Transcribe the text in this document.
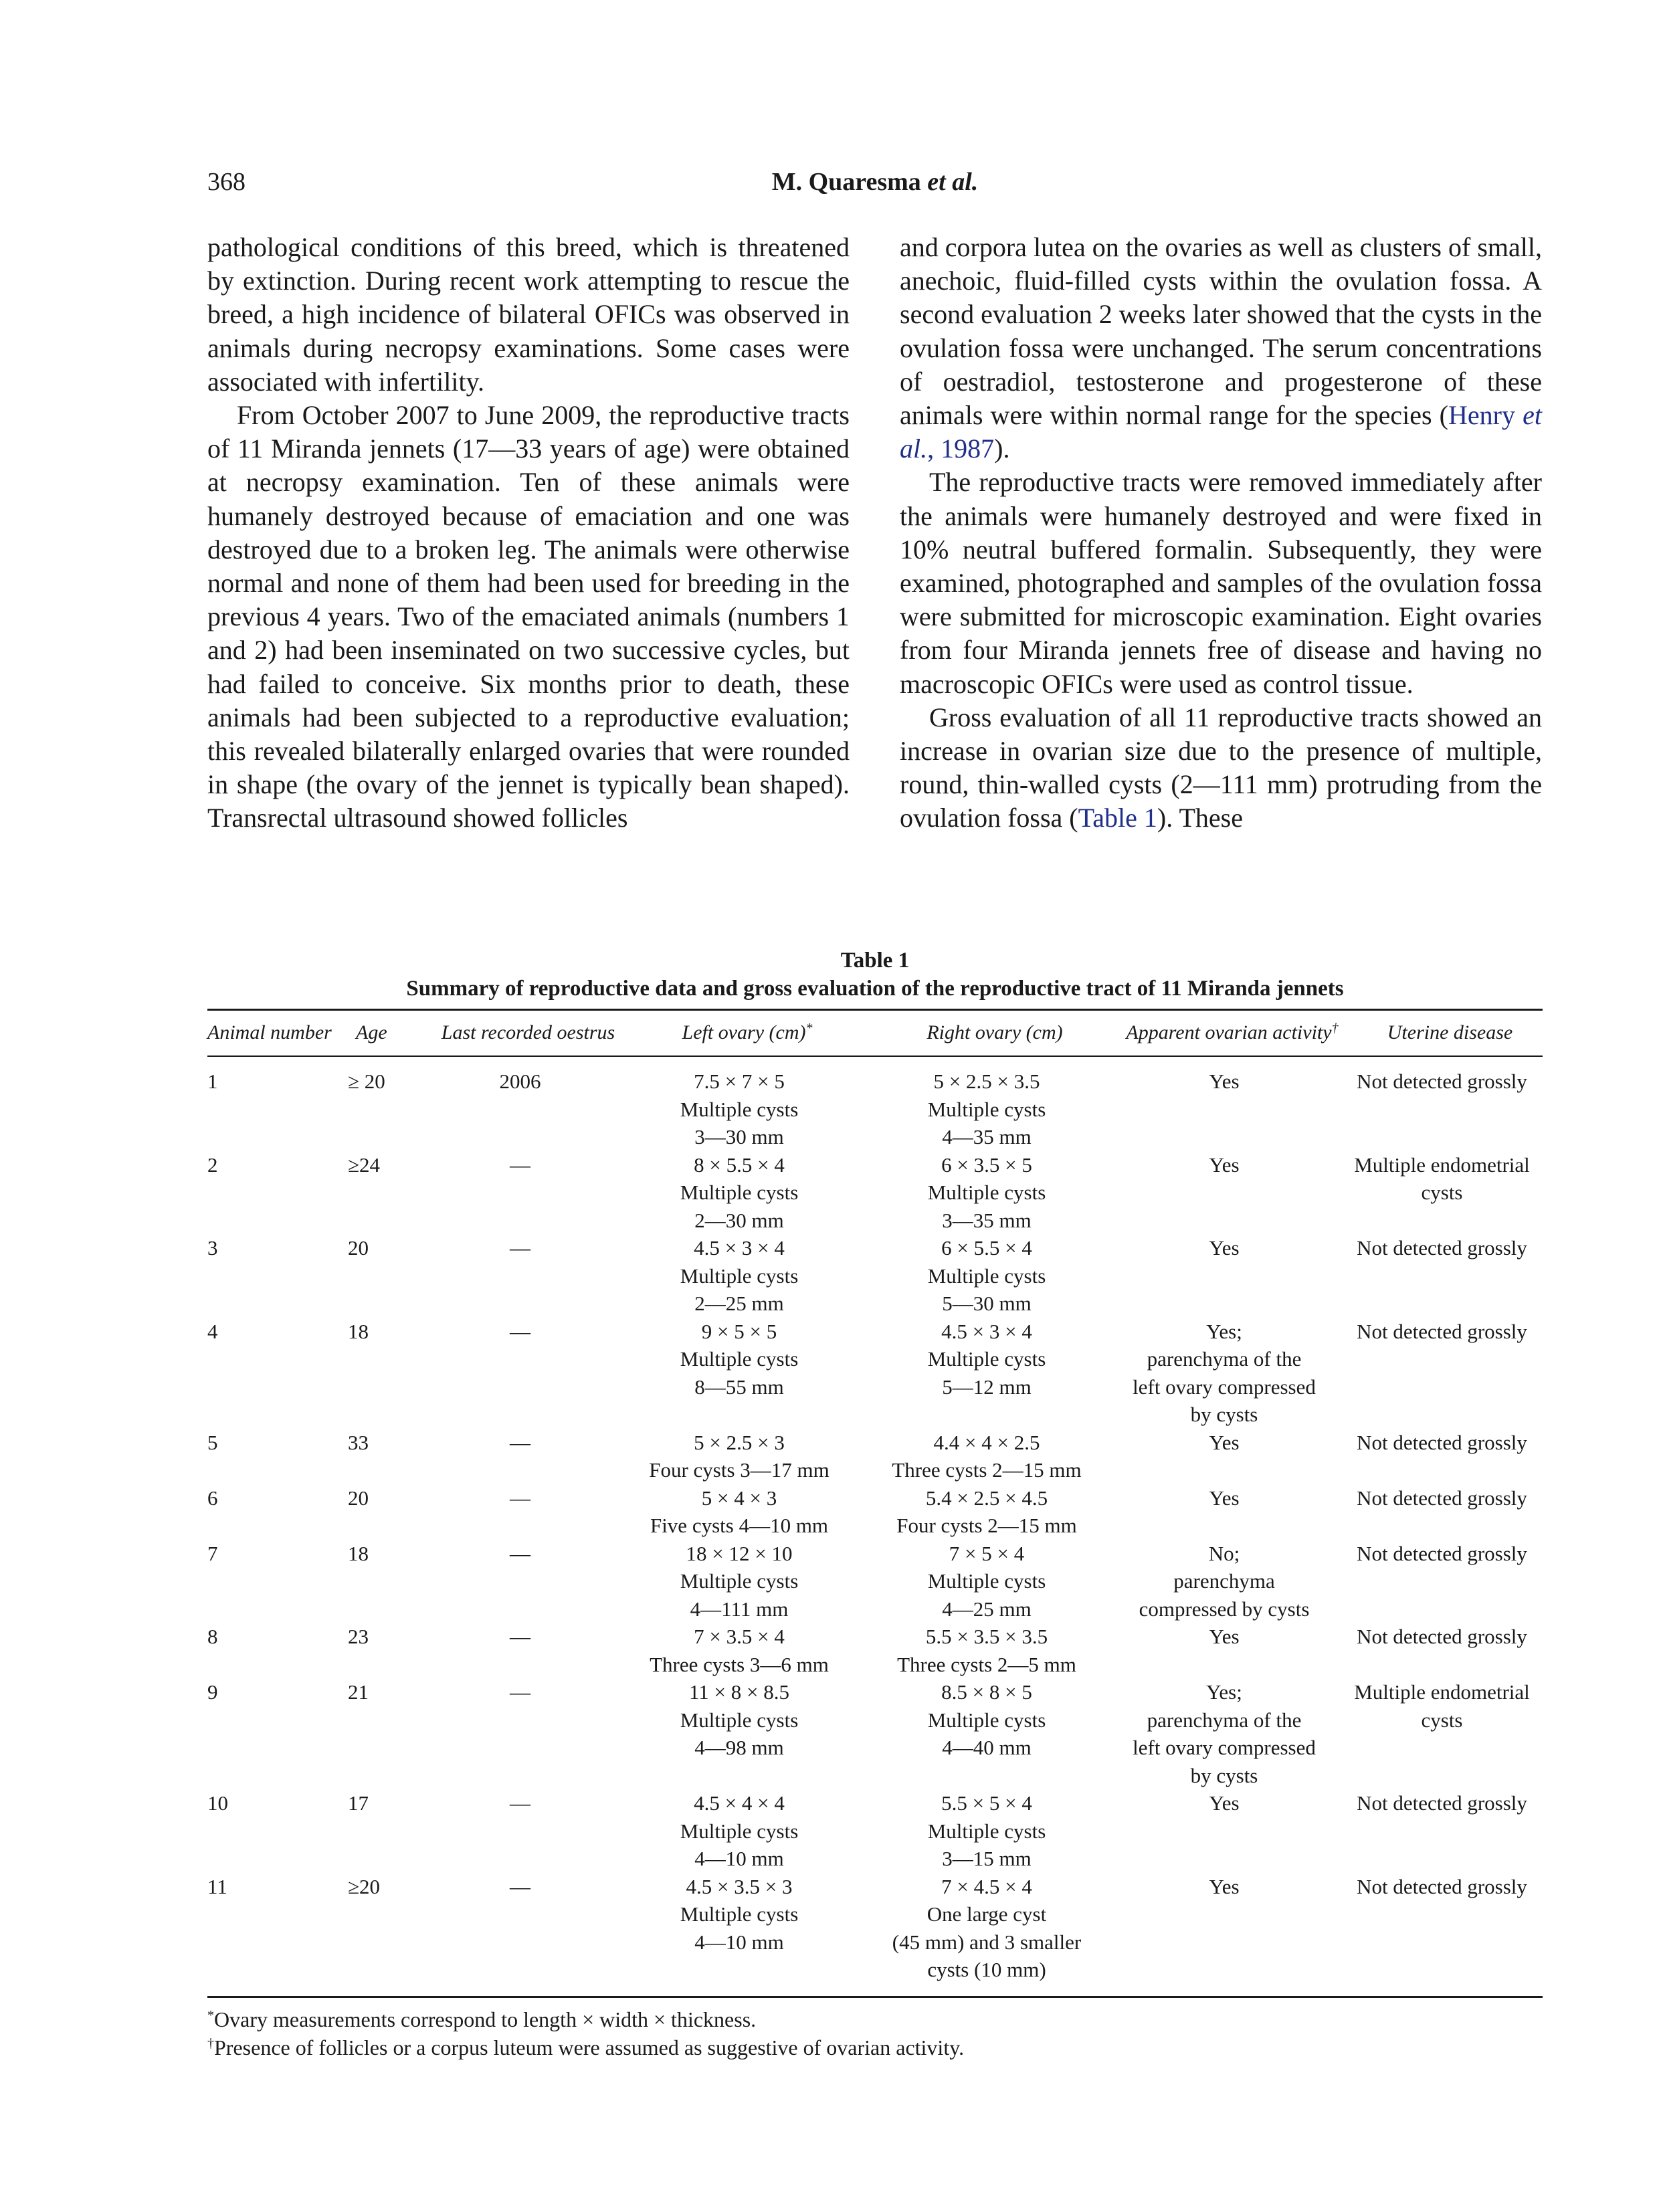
368	M. Quaresma et al.

pathological conditions of this breed, which is threatened by extinction. During recent work attempting to rescue the breed, a high incidence of bilateral OFICs was observed in animals during necropsy examinations. Some cases were associated with infertility.

From October 2007 to June 2009, the reproductive tracts of 11 Miranda jennets (17—33 years of age) were obtained at necropsy examination. Ten of these animals were humanely destroyed because of emaciation and one was destroyed due to a broken leg. The animals were otherwise normal and none of them had been used for breeding in the previous 4 years. Two of the emaciated animals (numbers 1 and 2) had been inseminated on two successive cycles, but had failed to conceive. Six months prior to death, these animals had been subjected to a reproductive evaluation; this revealed bilaterally enlarged ovaries that were rounded in shape (the ovary of the jennet is typically bean shaped). Transrectal ultrasound showed follicles

and corpora lutea on the ovaries as well as clusters of small, anechoic, fluid-filled cysts within the ovulation fossa. A second evaluation 2 weeks later showed that the cysts in the ovulation fossa were unchanged. The serum concentrations of oestradiol, testosterone and progesterone of these animals were within normal range for the species (Henry et al., 1987).

The reproductive tracts were removed immediately after the animals were humanely destroyed and were fixed in 10% neutral buffered formalin. Subsequently, they were examined, photographed and samples of the ovulation fossa were submitted for microscopic examination. Eight ovaries from four Miranda jennets free of disease and having no macroscopic OFICs were used as control tissue.

Gross evaluation of all 11 reproductive tracts showed an increase in ovarian size due to the presence of multiple, round, thin-walled cysts (2—111 mm) protruding from the ovulation fossa (Table 1). These

Table 1
Summary of reproductive data and gross evaluation of the reproductive tract of 11 Miranda jennets
Animal number	Age	Last recorded oestrus	Left ovary (cm)*	Right ovary (cm)	Apparent ovarian activity†	Uterine disease
1	≥ 20	2006	7.5 × 7 × 5
Multiple cysts
3—30 mm	5 × 2.5 × 3.5
Multiple cysts
4—35 mm	Yes	Not detected grossly

2	≥24	—	8 × 5.5 × 4
Multiple cysts
2—30 mm	6 × 3.5 × 5
Multiple cysts
3—35 mm	Yes	Multiple endometrial
cysts

3	20	—	4.5 × 3 × 4
Multiple cysts
2—25 mm	6 × 5.5 × 4
Multiple cysts
5—30 mm	Yes	Not detected grossly

4	18	—	9 × 5 × 5
Multiple cysts
8—55 mm	4.5 × 3 × 4
Multiple cysts
5—12 mm	Yes;
parenchyma of the
left ovary compressed
by cysts	Not detected grossly

5	33	—	5 × 2.5 × 3
Four cysts 3—17 mm	4.4 × 4 × 2.5
Three cysts 2—15 mm	Yes	Not detected grossly

6	20	—	5 × 4 × 3
Five cysts 4—10 mm	5.4 × 2.5 × 4.5
Four cysts 2—15 mm	Yes	Not detected grossly

7	18	—	18 × 12 × 10
Multiple cysts
4—111 mm	7 × 5 × 4
Multiple cysts
4—25 mm	No;
parenchyma
compressed by cysts	Not detected grossly

8	23	—	7 × 3.5 × 4
Three cysts 3—6 mm	5.5 × 3.5 × 3.5
Three cysts 2—5 mm	Yes	Not detected grossly

9	21	—	11 × 8 × 8.5
Multiple cysts
4—98 mm	8.5 × 8 × 5
Multiple cysts
4—40 mm	Yes;
parenchyma of the
left ovary compressed
by cysts	Multiple endometrial
cysts

10	17	—	4.5 × 4 × 4
Multiple cysts
4—10 mm	5.5 × 5 × 4
Multiple cysts
3—15 mm	Yes	Not detected grossly

11	≥20	—	4.5 × 3.5 × 3
Multiple cysts
4—10 mm	7 × 4.5 × 4
One large cyst
(45 mm) and 3 smaller
cysts (10 mm)	Yes	Not detected grossly
*Ovary measurements correspond to length × width × thickness.
†Presence of follicles or a corpus luteum were assumed as suggestive of ovarian activity.
